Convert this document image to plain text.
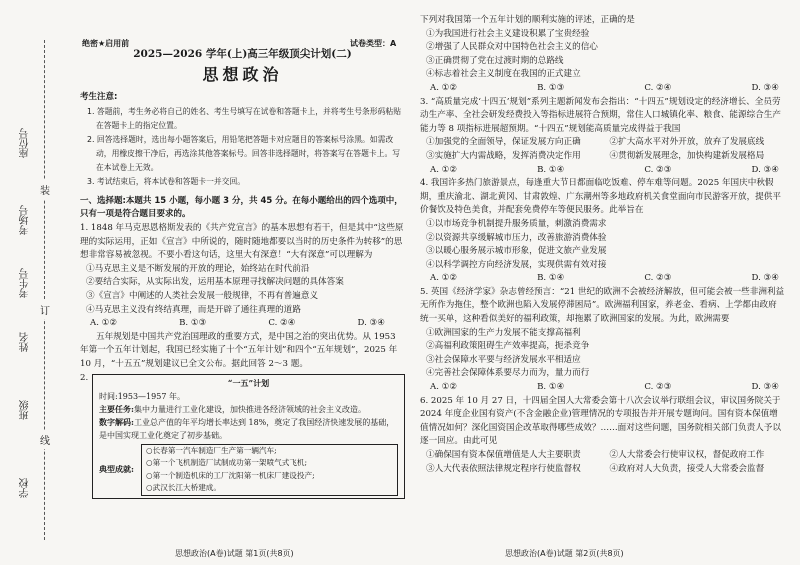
座位号
考场号
考生号
姓名
班级
学校
装
订
线
绝密★启用前	试卷类型：A
2025—2026 学年(上)高三年级顶尖计划(二)
思想政治
考生注意:

1. 答题前，考生务必将自己的姓名、考生号填写在试卷和答题卡上，并将考生号条形码粘贴在答题卡上的指定位置。

2. 回答选择题时，选出每小题答案后，用铅笔把答题卡对应题目的答案标号涂黑。如需改动，用橡皮擦干净后，再选涂其他答案标号。回答非选择题时，将答案写在答题卡上。写在本试卷上无效。

3. 考试结束后，将本试卷和答题卡一并交回。

一、选择题:本题共 15 小题，每小题 3 分，共 45 分。在每小题给出的四个选项中，只有一项是符合题目要求的。

1. 1848 年马克思恩格斯发表的《共产党宣言》的基本思想有若干，但是其中“这些原理的实际运用，正如《宣言》中所说的，随时随地都要以当时的历史条件为转移”的思想非常容易被忽视。不要小看这句话，这里大有深意！“大有深意”可以理解为

①马克思主义是不断发展的开放的理论，始终站在时代前沿

②要结合实际，从实际出发，运用基本原理寻找解决问题的具体答案

③《宣言》中阐述的人类社会发展一般规律，不再有普遍意义

④马克思主义没有终结真理，而是开辟了通往真理的道路

A. ①②	B. ①③	C. ②④	D. ③④

五年规划是中国共产党治国理政的重要方式，是中国之治的突出优势。从 1953 年第一个五年计划起，我国已经实施了十个“五年计划”和四个“五年规划”，2025 年 10 月，“十五五”规划建议已全文公布。据此回答 2～3 题。

2.	“一五”计划

时间:1953—1957 年。

主要任务:集中力量进行工业化建设，加快推进各经济领域的社会主义改造。

数字解码:工业总产值的年平均增长率达到 18%，奠定了我国经济快速发展的基础，是中国实现工业化奠定了初步基础。

典型成就:

○长春第一汽车制造厂生产第一辆汽车;

○第一个飞机制造厂试制成功第一架喷气式飞机;

○第一个制造机床的工厂沈阳第一机床厂建设投产;

○武汉长江大桥建成。

下列对我国第一个五年计划的顺利实施的评述，正确的是

①为我国进行社会主义建设积累了宝贵经验

②增强了人民群众对中国特色社会主义的信心

③正确贯彻了党在过渡时期的总路线

④标志着社会主义制度在我国的正式建立

A. ①②	B. ①③	C. ②④	D. ③④

3. “高质量完成‘十四五’规划”系列主题新闻发布会指出：“十四五”规划设定的经济增长、全员劳动生产率、全社会研发经费投入等指标进展符合预期，常住人口城镇化率、粮食、能源综合生产能力等 8 项指标进展超预期。“十四五”规划能高质量完成得益于我国

①加强党的全面领导，保证发展方向正确	②扩大高水平对外开放，放弃了发展底线
③实施扩大内需战略，发挥消费决定作用	④贯彻新发展理念，加快构建新发展格局
A. ①②	B. ①④	C. ②③	D. ③④

4. 我国许多热门旅游景点，每逢重大节日都面临吃饭难、停车难等问题。2025 年国庆中秋假期，重庆渝北、湖北黄冈、甘肃敦煌、广东潮州等多地政府机关食堂面向市民游客开放，提供平价餐饮及特色美食，并配套免费停车等便民服务。此举旨在

①以市场竞争机制提升服务质量，刺激消费需求

②以资源共享缓解城市压力，改善旅游消费体验

③以暖心服务展示城市形象，促进文旅产业发展

④以科学调控方向经济发展，实现供需有效对接

A. ①②	B. ①④	C. ②③	D. ③④

5. 英国《经济学家》杂志曾经预言：“21 世纪的欧洲不会被经济解放，但可能会被一些非洲利益无所作为拖住，整个欧洲也陷入发展停滞困局”。欧洲福利国家，养老金、看病、上学都由政府统一买单，这种看似美好的福利政策，却拖累了欧洲国家的发展。为此，欧洲需要

①欧洲国家的生产力发展不能支撑高福利

②高福利政策阻碍生产效率提高，扼杀竞争

③社会保障水平要与经济发展水平相适应

④完善社会保障体系要尽力而为，量力而行

A. ①②	B. ①④	C. ②③	D. ③④

6. 2025 年 10 月 27 日，十四届全国人大常委会第十八次会议举行联组会议，审议国务院关于2024 年度企业国有资产(不含金融企业)管理情况的专项报告并开展专题询问。国有资本保值增值情况如何？深化国资国企改革取得哪些成效？……面对这些问题，国务院相关部门负责人予以逐一回应。由此可见

①确保国有资本保值增值是人大主要职责	②人大常委会行使审议权，督促政府工作
③人大代表依照法律规定程序行使监督权	④政府对人大负责，接受人大常委会监督
思想政治(A卷)试题 第1页(共8页)	思想政治(A卷)试题 第2页(共8页)
